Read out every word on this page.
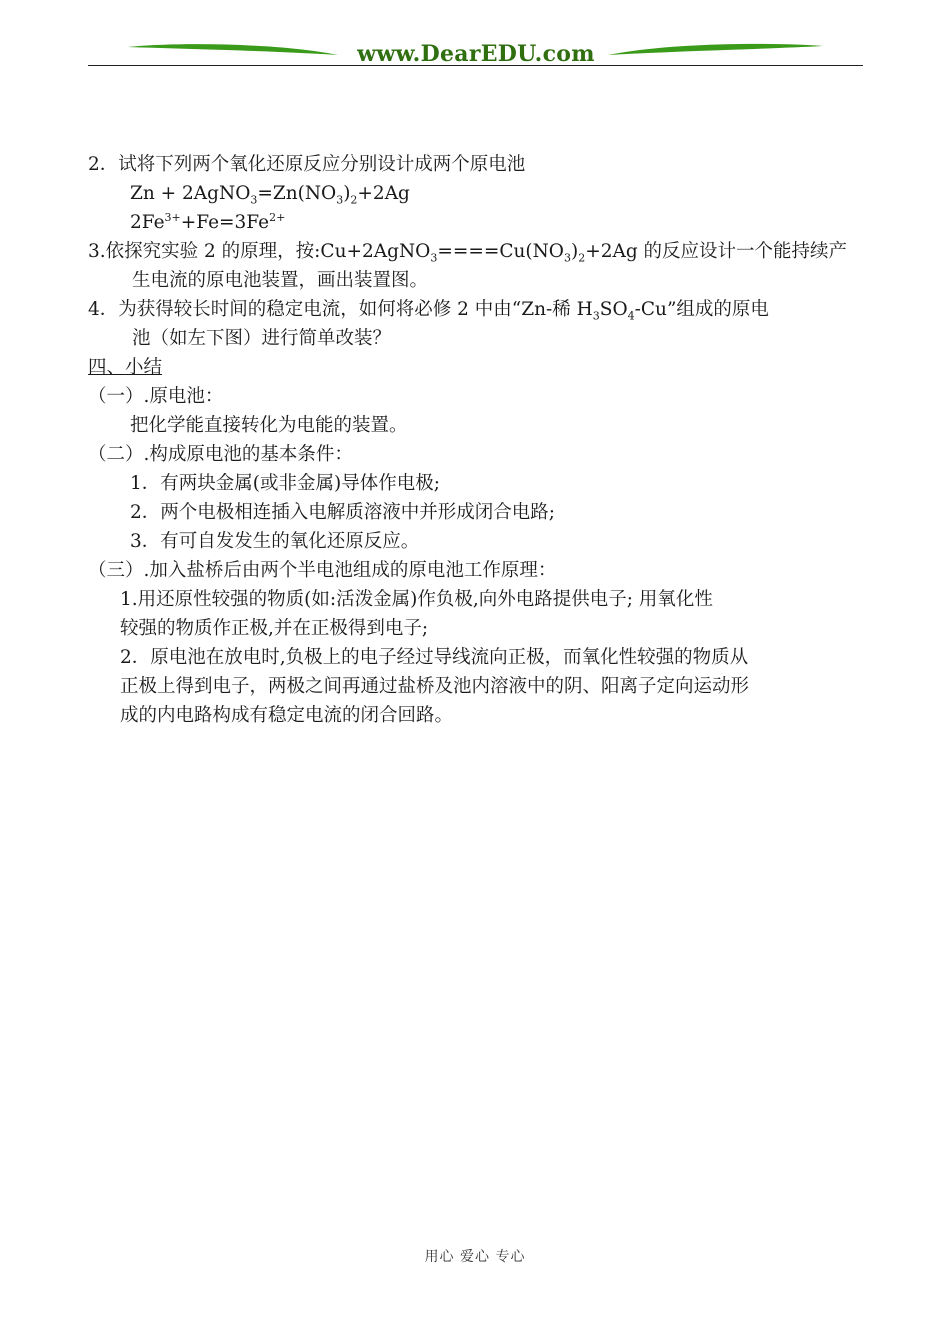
www.DearEDU.com
2．试将下列两个氧化还原反应分别设计成两个原电池
$Zn + 2AgNO_3=Zn(NO_3)_2+2Ag$
$2Fe^{3+}+Fe=3Fe^{2+}$
3.依探究实验 2 的原理，按$:Cu+2AgNO_3====Cu(NO_3)_2+2Ag$ 的反应设计一个能持续产
生电流的原电池装置，画出装置图。
4．为获得较长时间的稳定电流，如何将必修 2 中由“Zn-稀 $H_3SO_4-Cu$”组成的原电
池（如左下图）进行简单改装？
四、小结
（一）.原电池：
把化学能直接转化为电能的装置。
（二）.构成原电池的基本条件：
1．有两块金属(或非金属)导体作电极;
2．两个电极相连插入电解质溶液中并形成闭合电路;
3．有可自发发生的氧化还原反应。
（三）.加入盐桥后由两个半电池组成的原电池工作原理：
1.用还原性较强的物质(如:活泼金属)作负极,向外电路提供电子; 用氧化性
较强的物质作正极,并在正极得到电子;
2．原电池在放电时,负极上的电子经过导线流向正极，而氧化性较强的物质从
正极上得到电子，两极之间再通过盐桥及池内溶液中的阴、阳离子定向运动形
成的内电路构成有稳定电流的闭合回路。
用心 爱心 专心
